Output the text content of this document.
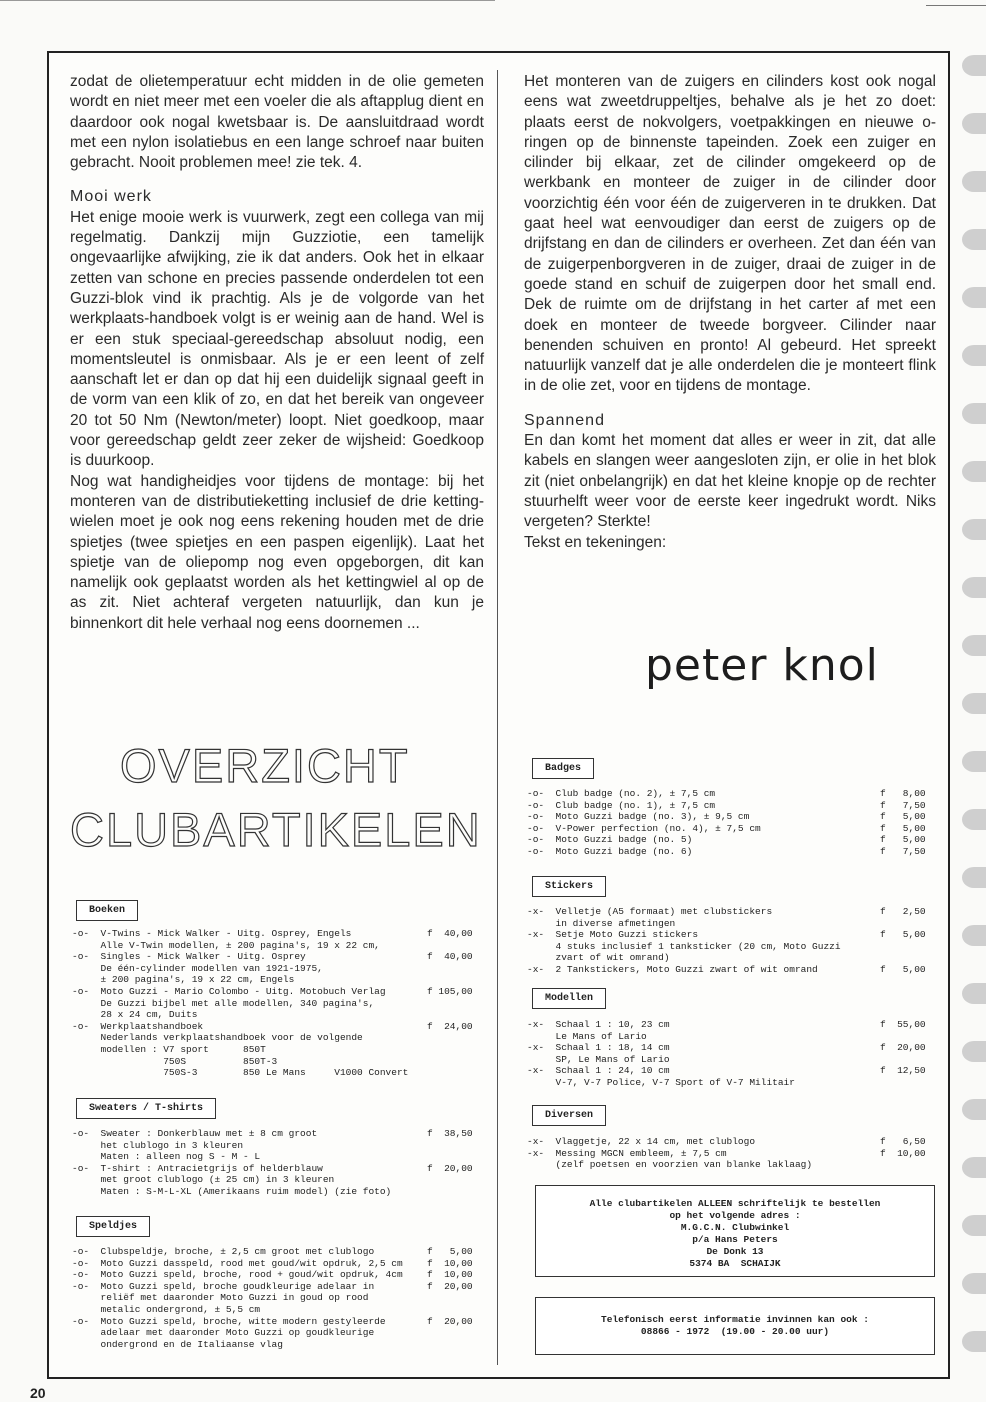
zodat de olietemperatuur echt midden in de olie gemeten wordt en niet meer met een voeler die als aftapplug dient en daardoor ook nogal kwetsbaar is. De aansluitdraad wordt met een nylon isolatiebus en een lange schroef naar buiten gebracht. Nooit problemen mee! zie tek. 4.

Mooi werk

Het enige mooie werk is vuurwerk, zegt een collega van mij regelmatig. Dankzij mijn Guzziotie, een tamelijk ongevaarlijke afwijking, zie ik dat anders. Ook het in elkaar zetten van schone en precies passende onderdelen tot een Guzzi-blok vind ik prachtig. Als je de volgorde van het werkplaats-handboek volgt is er weinig aan de hand. Wel is er een stuk speciaal-gereedschap absoluut nodig, een momentsleutel is onmisbaar. Als je er een leent of zelf aanschaft let er dan op dat hij een duidelijk signaal geeft in de vorm van een klik of zo, en dat het bereik van ongeveer 20 tot 50 Nm (Newton/meter) loopt. Niet goedkoop, maar voor gereedschap geldt zeer zeker de wijsheid: Goedkoop is duurkoop.

Nog wat handigheidjes voor tijdens de montage: bij het monteren van de distributieketting inclusief de drie ketting-wielen moet je ook nog eens rekening houden met de drie spietjes (twee spietjes en een paspen eigenlijk). Laat het spietje van de oliepomp nog even opgeborgen, dit kan namelijk ook geplaatst worden als het kettingwiel al op de as zit. Niet achteraf vergeten natuurlijk, dan kun je binnenkort dit hele verhaal nog eens doornemen ...

Het monteren van de zuigers en cilinders kost ook nogal eens wat zweetdruppeltjes, behalve als je het zo doet: plaats eerst de nokvolgers, voetpakkingen en nieuwe o-ringen op de binnenste tapeinden. Zoek een zuiger en cilinder bij elkaar, zet de cilinder omgekeerd op de werkbank en monteer de zuiger in de cilinder door voorzichtig één voor één de zuigerveren in te drukken. Dat gaat heel wat eenvoudiger dan eerst de zuigers op de drijfstang en dan de cilinders er overheen. Zet dan één van de zuigerpenborgveren in de zuiger, draai de zuiger in de goede stand en schuif de zuigerpen door het small end. Dek de ruimte om de drijfstang in het carter af met een doek en monteer de tweede borgveer. Cilinder naar benenden schuiven en pronto! Al gebeurd. Het spreekt natuurlijk vanzelf dat je alle onderdelen die je monteert flink in de olie zet, voor en tijdens de montage.

Spannend

En dan komt het moment dat alles er weer in zit, dat alle kabels en slangen weer aangesloten zijn, er olie in het blok zit (niet onbelangrijk) en dat het kleine knopje op de rechter stuurhelft weer voor de eerste keer ingedrukt wordt. Niks vergeten? Sterkte!

Tekst en tekeningen:

peter knol
OVERZICHT
CLUBARTIKELEN
Boeken
-o-  V-Twins - Mick Walker - Uitg. Osprey, Engels
Alle V-Twin modellen, ± 200 pagina's, 19 x 22 cm,
-o-  Singles - Mick Walker - Uitg. Osprey
De één-cylinder modellen van 1921-1975,
± 200 pagina's, 19 x 22 cm, Engels
-o-  Moto Guzzi - Mario Colombo - Uitg. Motobuch Verlag
De Guzzi bijbel met alle modellen, 340 pagina's,
28 x 24 cm, Duits
-o-  Werkplaatshandboek
Nederlands verkplaatshandboek voor de volgende
modellen : V7 sport      850T
750S          850T-3
750S-3        850 Le Mans     V1000 Convert
f  40,00

f  40,00

f 105,00

f  24,00
Sweaters / T-shirts
-o-  Sweater : Donkerblauw met ± 8 cm groot
het clublogo in 3 kleuren
Maten : alleen nog S - M - L
-o-  T-shirt : Antracietgrijs of helderblauw
met groot clublogo (± 25 cm) in 3 kleuren
Maten : S-M-L-XL (Amerikaans ruim model) (zie foto)
f  38,50

f  20,00
Speldjes
-o-  Clubspeldje, broche, ± 2,5 cm groot met clublogo
-o-  Moto Guzzi dasspeld, rood met goud/wit opdruk, 2,5 cm
-o-  Moto Guzzi speld, broche, rood + goud/wit opdruk, 4cm
-o-  Moto Guzzi speld, broche goudkleurige adelaar in
reliëf met daaronder Moto Guzzi in goud op rood
metalic ondergrond, ± 5,5 cm
-o-  Moto Guzzi speld, broche, witte modern gestyleerde
adelaar met daaronder Moto Guzzi op goudkleurige
ondergrond en de Italiaanse vlag
f   5,00
f  10,00
f  10,00
f  20,00

f  20,00
Badges
-o-  Club badge (no. 2), ± 7,5 cm
-o-  Club badge (no. 1), ± 7,5 cm
-o-  Moto Guzzi badge (no. 3), ± 9,5 cm
-o-  V-Power perfection (no. 4), ± 7,5 cm
-o-  Moto Guzzi badge (no. 5)
-o-  Moto Guzzi badge (no. 6)
f   8,00
f   7,50
f   5,00
f   5,00
f   5,00
f   7,50
Stickers
-x-  Velletje (A5 formaat) met clubstickers
in diverse afmetingen
-x-  Setje Moto Guzzi stickers
4 stuks inclusief 1 tanksticker (20 cm, Moto Guzzi
zvart of wit omrand)
-x-  2 Tankstickers, Moto Guzzi zwart of wit omrand
f   2,50

f   5,00

f   5,00
Modellen
-x-  Schaal 1 : 10, 23 cm
Le Mans of Lario
-x-  Schaal 1 : 18, 14 cm
SP, Le Mans of Lario
-x-  Schaal 1 : 24, 10 cm
V-7, V-7 Police, V-7 Sport of V-7 Militair
f  55,00

f  20,00

f  12,50
Diversen
-x-  Vlaggetje, 22 x 14 cm, met clublogo
-x-  Messing MGCN embleem, ± 7,5 cm
(zelf poetsen en voorzien van blanke laklaag)
f   6,50
f  10,00
Alle clubartikelen ALLEEN schriftelijk te bestellen
op het volgende adres :
M.G.C.N. Clubwinkel
p/a Hans Peters
De Donk 13
5374 BA  SCHAIJK
Telefonisch eerst informatie invinnen kan ook :
08866 - 1972  (19.00 - 20.00 uur)
20
